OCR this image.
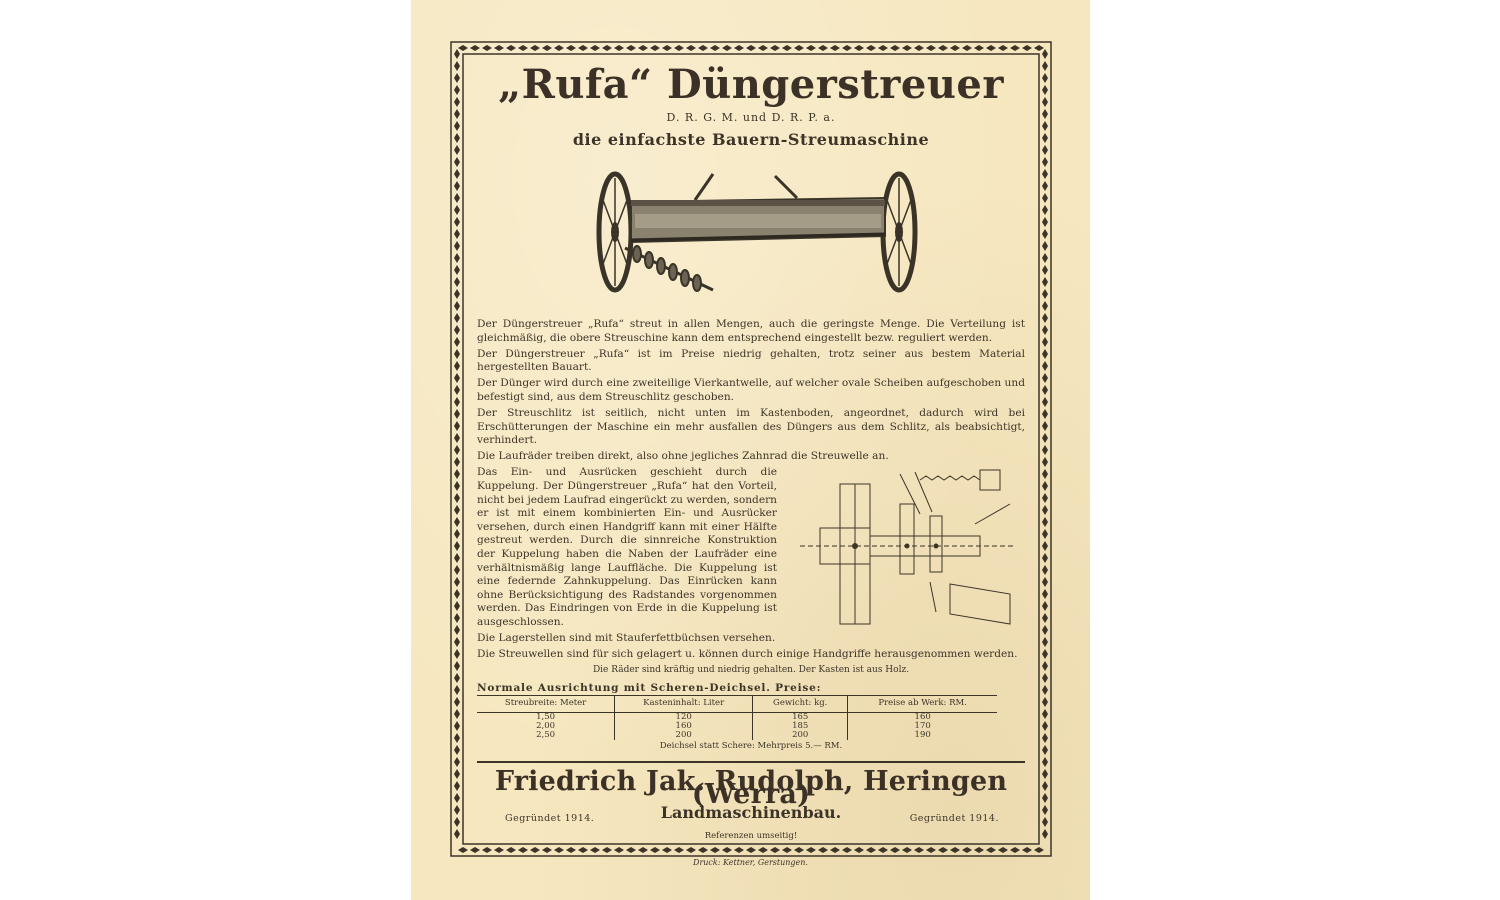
„Rufa“ Düngerstreuer
D. R. G. M. und D. R. P. a.
die einfachste Bauern-Streumaschine

Der Düngerstreuer „Rufa“ streut in allen Mengen, auch die geringste Menge. Die Verteilung ist gleichmäßig, die obere Streuschine kann dem entsprechend eingestellt bezw. reguliert werden.

Der Düngerstreuer „Rufa“ ist im Preise niedrig gehalten, trotz seiner aus bestem Material hergestellten Bauart.

Der Dünger wird durch eine zweiteilige Vierkantwelle, auf welcher ovale Scheiben aufgeschoben und befestigt sind, aus dem Streuschlitz geschoben.

Der Streuschlitz ist seitlich, nicht unten im Kastenboden, angeordnet, dadurch wird bei Erschütterungen der Maschine ein mehr ausfallen des Düngers aus dem Schlitz, als beabsichtigt, verhindert.

Die Laufräder treiben direkt, also ohne jegliches Zahnrad die Streuwelle an.

Das Ein- und Ausrücken geschieht durch die Kuppelung. Der Düngerstreuer „Rufa“ hat den Vorteil, nicht bei jedem Laufrad eingerückt zu werden, sondern er ist mit einem kombinierten Ein- und Ausrücker versehen, durch einen Handgriff kann mit einer Hälfte gestreut werden. Durch die sinnreiche Konstruktion der Kuppelung haben die Naben der Laufräder eine verhältnismäßig lange Lauffläche. Die Kuppelung ist eine federnde Zahnkuppelung. Das Einrücken kann ohne Berücksichtigung des Radstandes vorgenommen werden. Das Eindringen von Erde in die Kuppelung ist ausgeschlossen.

Die Lagerstellen sind mit Stauferfettbüchsen versehen.

Die Streuwellen sind für sich gelagert u. können durch einige Handgriffe herausgenommen werden.

Die Räder sind kräftig und niedrig gehalten. Der Kasten ist aus Holz.
Normale Ausrichtung mit Scheren-Deichsel. Preise:
Streubreite: Meter	Kasteninhalt: Liter	Gewicht: kg.	Preise ab Werk: RM.
1,50	120	165	160
2,00	160	185	170
2,50	200	200	190
Deichsel statt Schere: Mehrpreis 5.— RM.
Friedrich Jak. Rudolph, Heringen (Werra)
Gegründet 1914.	Landmaschinenbau.	Gegründet 1914.
Referenzen umseitig!
Druck: Kettner, Gerstungen.
